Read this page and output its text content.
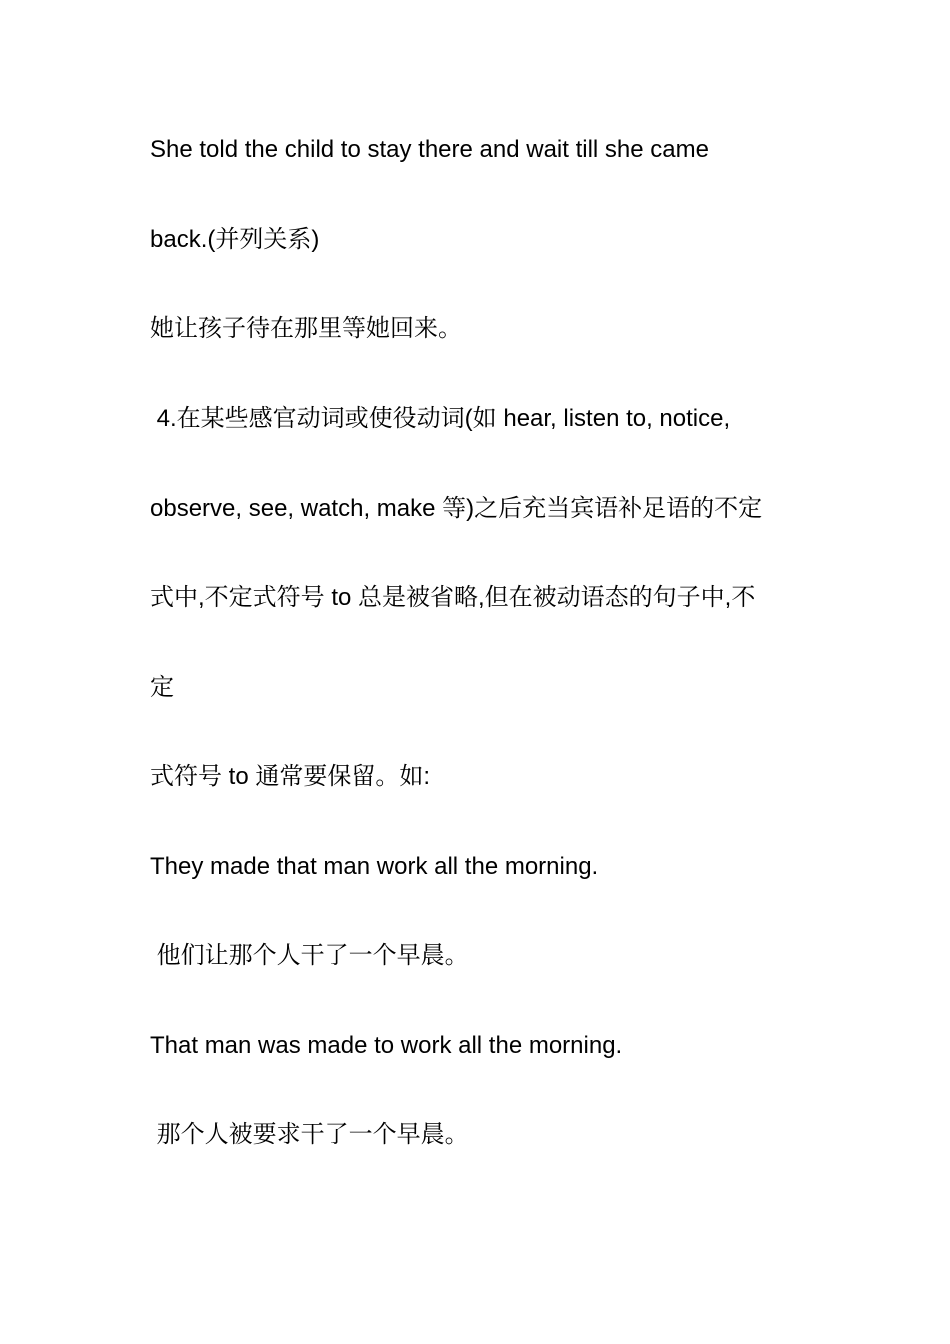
She told the child to stay there and wait till she came
back.(并列关系)
她让孩子待在那里等她回来。
4.在某些感官动词或使役动词(如 hear, listen to, notice,
observe, see, watch, make 等)之后充当宾语补足语的不定
式中,不定式符号 to 总是被省略,但在被动语态的句子中,不
定
式符号 to 通常要保留。如:
They made that man work all the morning.
他们让那个人干了一个早晨。
That man was made to work all the morning.
那个人被要求干了一个早晨。
